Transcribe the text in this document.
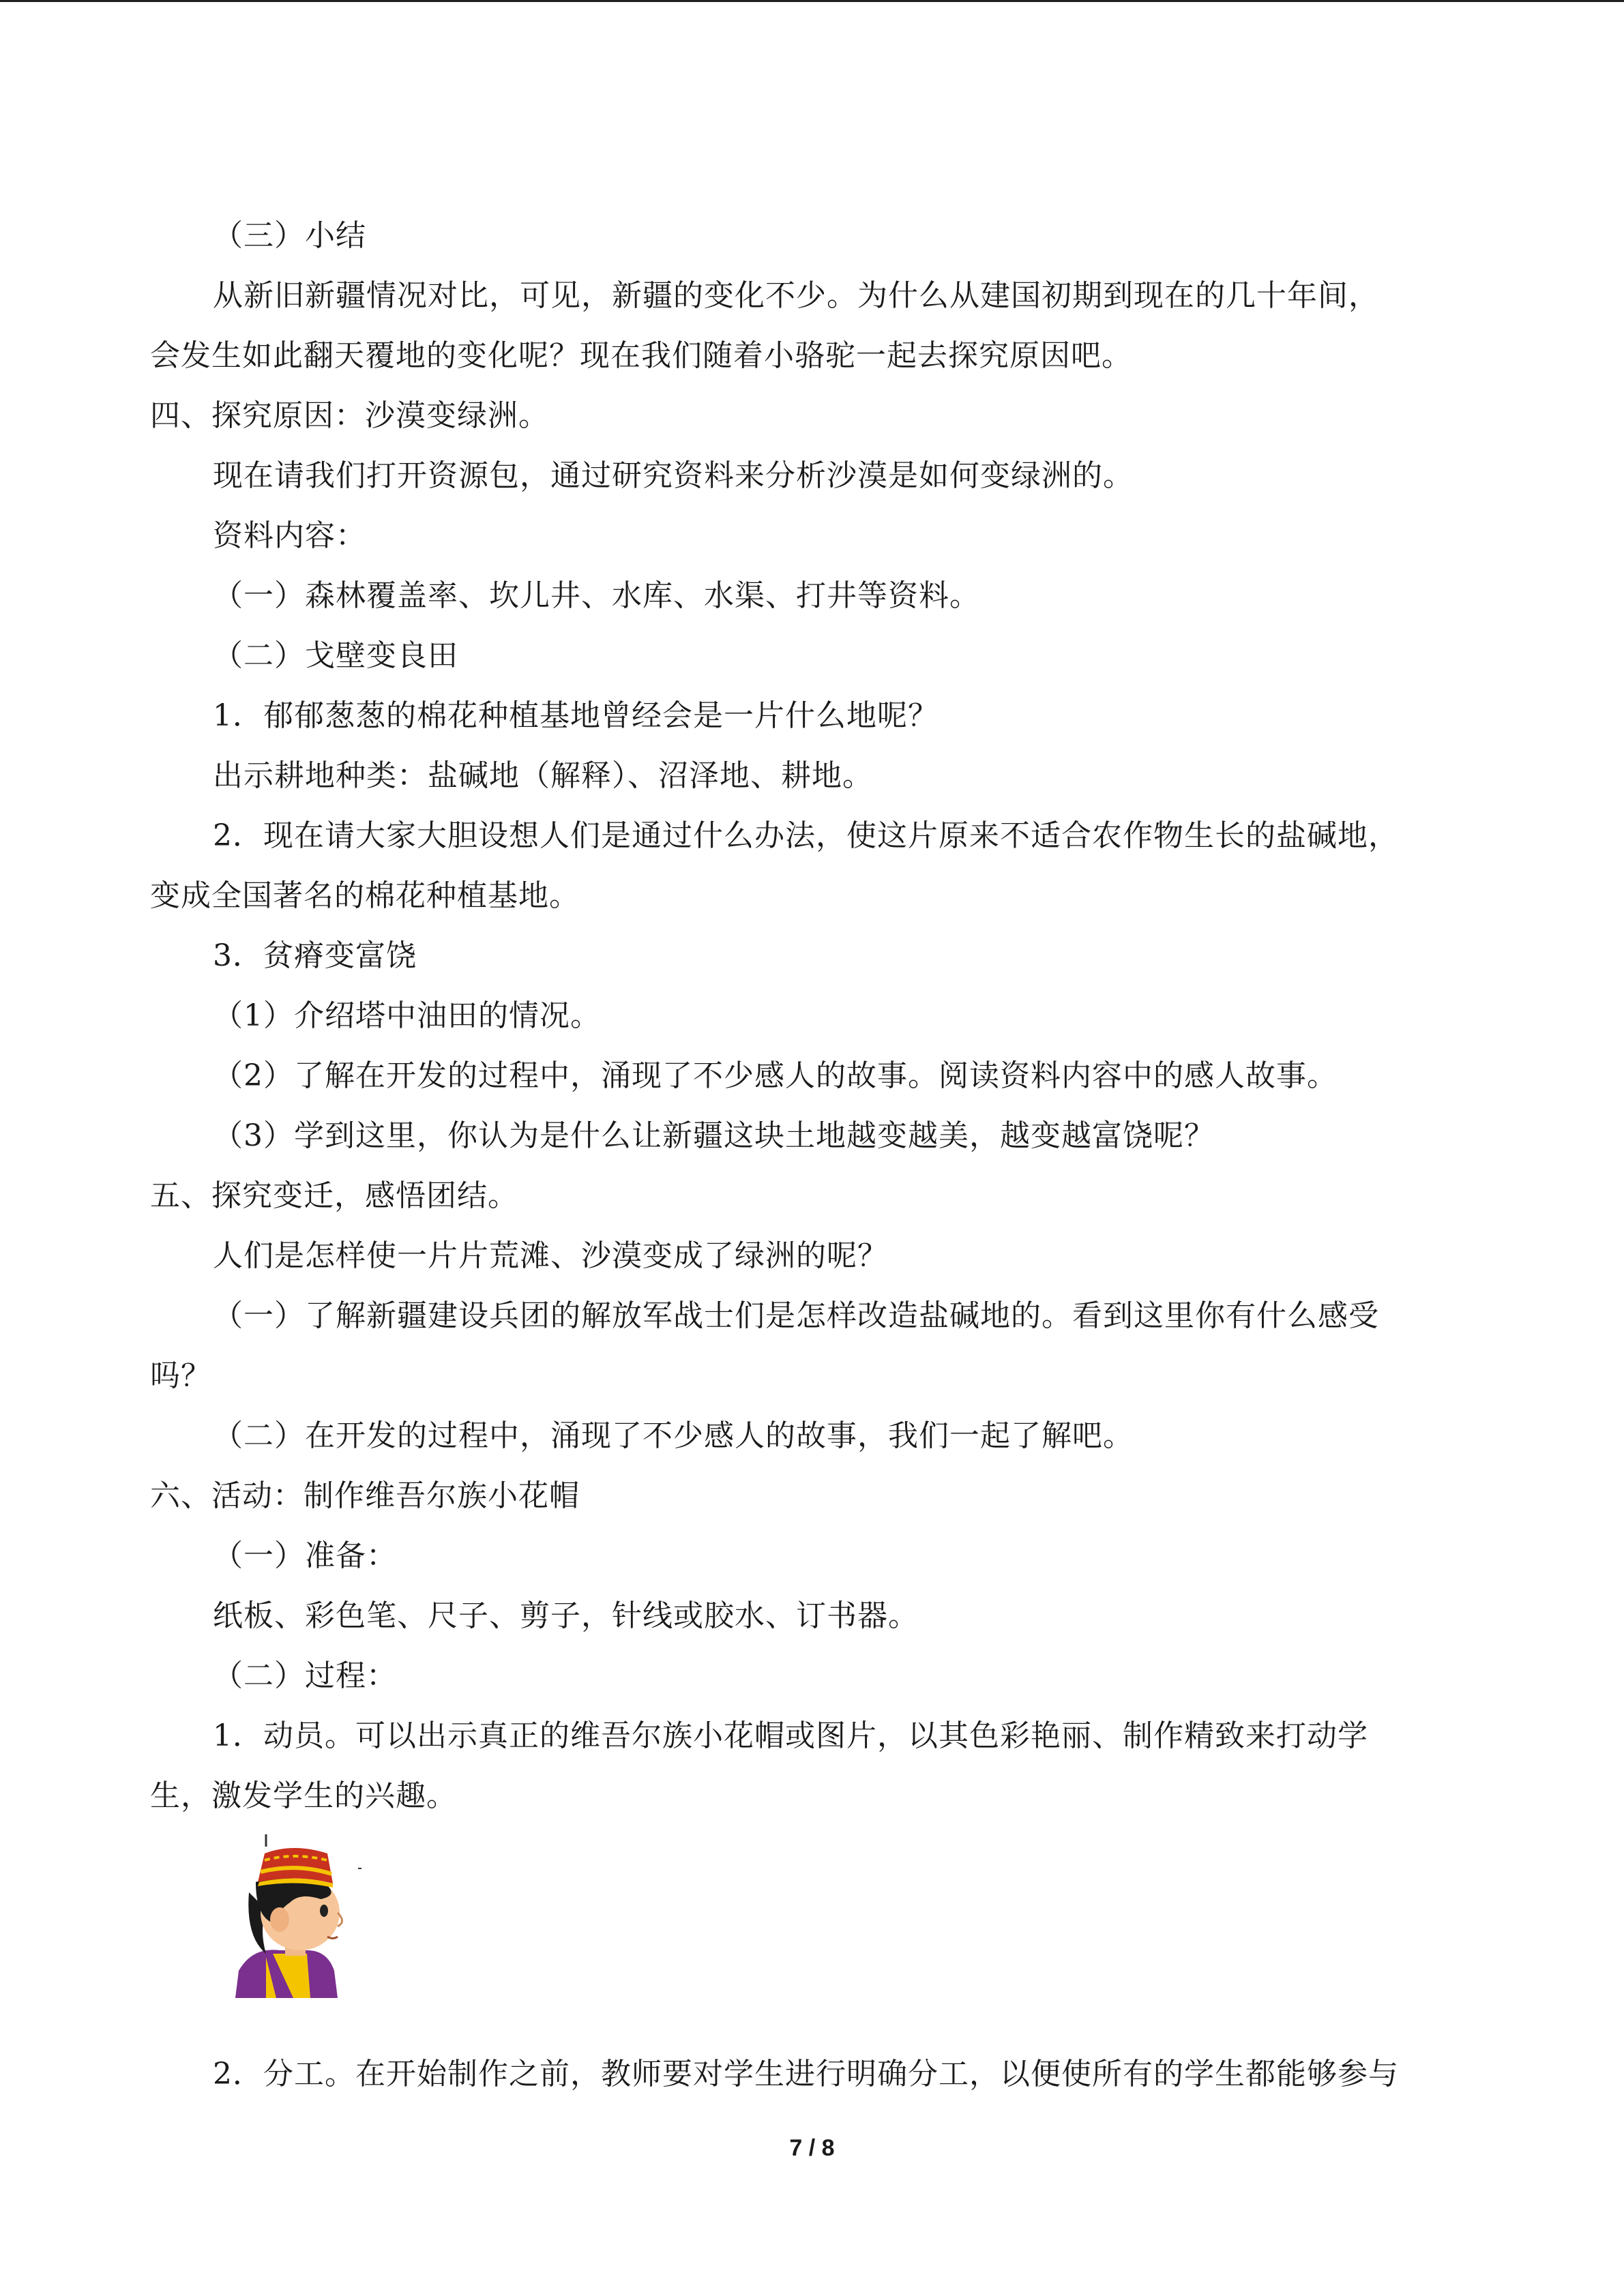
（三）小结
从新旧新疆情况对比，可见，新疆的变化不少。为什么从建国初期到现在的几十年间，
会发生如此翻天覆地的变化呢？现在我们随着小骆驼一起去探究原因吧。
四、探究原因：沙漠变绿洲。
现在请我们打开资源包，通过研究资料来分析沙漠是如何变绿洲的。
资料内容：
（一）森林覆盖率、坎儿井、水库、水渠、打井等资料。
（二）戈壁变良田
1．郁郁葱葱的棉花种植基地曾经会是一片什么地呢？
出示耕地种类：盐碱地（解释）、沼泽地、耕地。
2．现在请大家大胆设想人们是通过什么办法，使这片原来不适合农作物生长的盐碱地，
变成全国著名的棉花种植基地。
3．贫瘠变富饶
（1）介绍塔中油田的情况。
（2）了解在开发的过程中，涌现了不少感人的故事。阅读资料内容中的感人故事。
（3）学到这里，你认为是什么让新疆这块土地越变越美，越变越富饶呢？
五、探究变迁，感悟团结。
人们是怎样使一片片荒滩、沙漠变成了绿洲的呢？
（一）了解新疆建设兵团的解放军战士们是怎样改造盐碱地的。看到这里你有什么感受
吗？
（二）在开发的过程中，涌现了不少感人的故事，我们一起了解吧。
六、活动：制作维吾尔族小花帽
（一）准备：
纸板、彩色笔、尺子、剪子，针线或胶水、订书器。
（二）过程：
1．动员。可以出示真正的维吾尔族小花帽或图片，以其色彩艳丽、制作精致来打动学
生，激发学生的兴趣。
2．分工。在开始制作之前，教师要对学生进行明确分工，以便使所有的学生都能够参与
7 / 8
